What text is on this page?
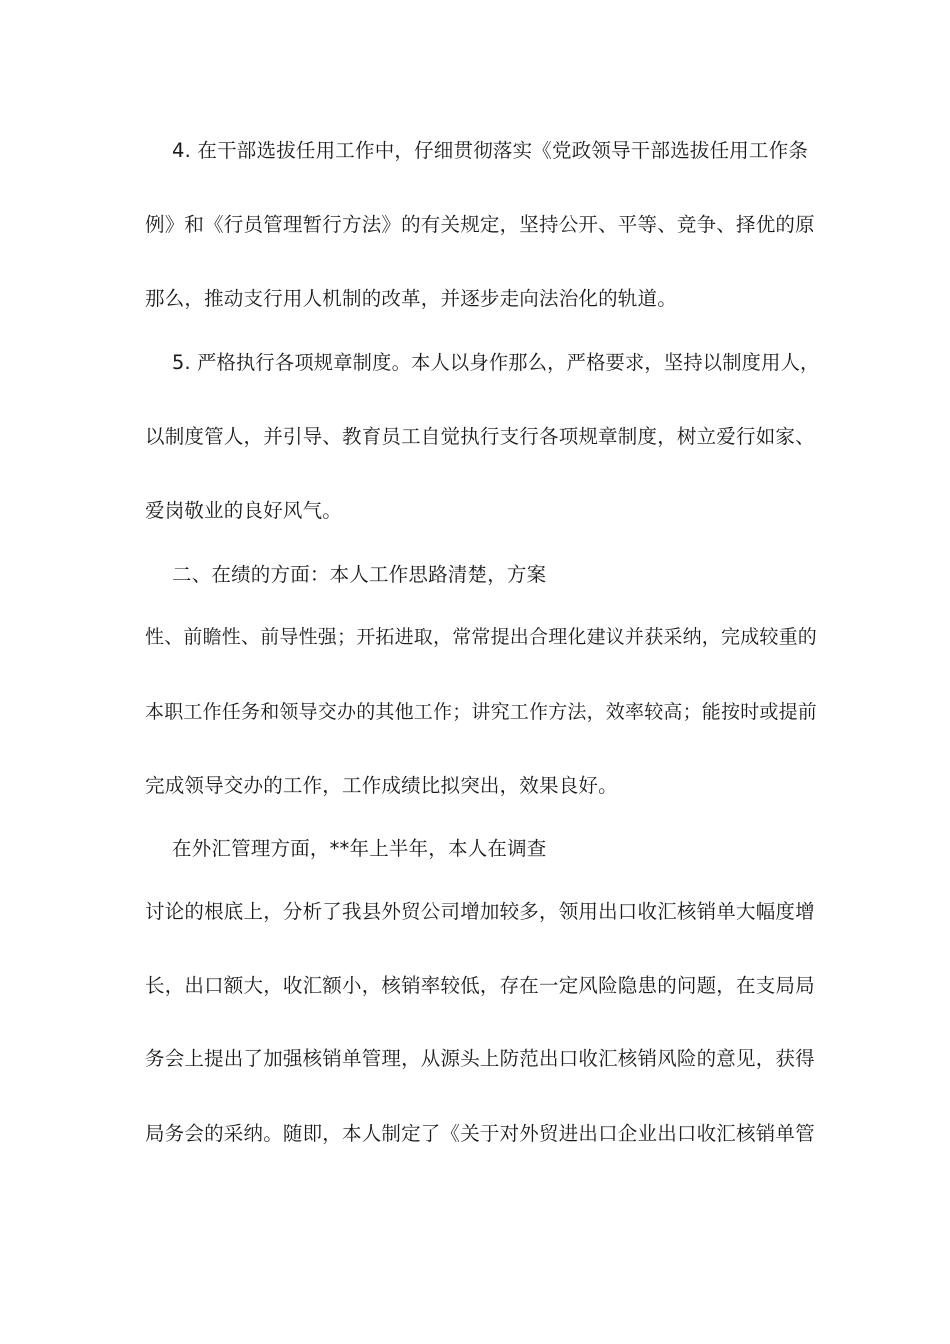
4. 在干部选拔任用工作中，仔细贯彻落实《党政领导干部选拔任用工作条
例》和《行员管理暂行方法》的有关规定，坚持公开、平等、竞争、择优的原
那么，推动支行用人机制的改革，并逐步走向法治化的轨道。
5. 严格执行各项规章制度。本人以身作那么，严格要求，坚持以制度用人，
以制度管人，并引导、教育员工自觉执行支行各项规章制度，树立爱行如家、
爱岗敬业的良好风气。
二、在绩的方面：本人工作思路清楚，方案
性、前瞻性、前导性强；开拓进取，常常提出合理化建议并获采纳，完成较重的
本职工作任务和领导交办的其他工作；讲究工作方法，效率较高；能按时或提前
完成领导交办的工作，工作成绩比拟突出，效果良好。
在外汇管理方面，**年上半年，本人在调查
讨论的根底上，分析了我县外贸公司增加较多，领用出口收汇核销单大幅度增
长，出口额大，收汇额小，核销率较低，存在一定风险隐患的问题，在支局局
务会上提出了加强核销单管理，从源头上防范出口收汇核销风险的意见，获得
局务会的采纳。随即，本人制定了《关于对外贸进出口企业出口收汇核销单管
